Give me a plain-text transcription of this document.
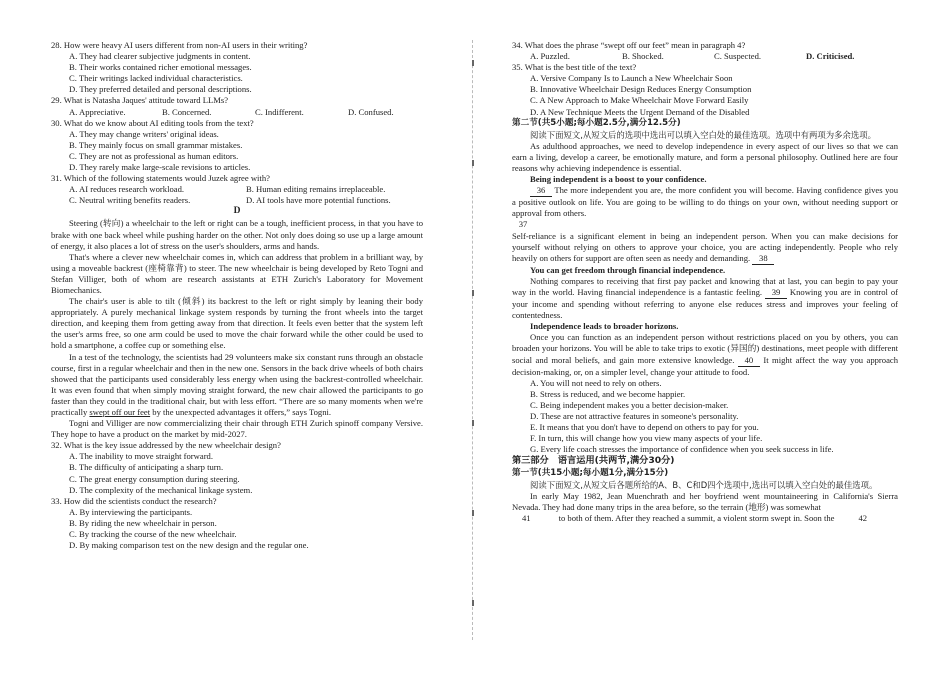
28. How were heavy AI users different from non-AI users in their writing?
A. They had clearer subjective judgments in content.
B. Their works contained richer emotional messages.
C. Their writings lacked individual characteristics.
D. They preferred detailed and personal descriptions.
29. What is Natasha Jaques' attitude toward LLMs?
A. Appreciative.	B. Concerned.	C. Indifferent.	D. Confused.
30. What do we know about AI editing tools from the text?
A. They may change writers' original ideas.
B. They mainly focus on small grammar mistakes.
C. They are not as professional as human editors.
D. They rarely make large-scale revisions to articles.
31. Which of the following statements would Juzek agree with?
A. AI reduces research workload.	B. Human editing remains irreplaceable.
C. Neutral writing benefits readers.	D. AI tools have more potential functions.
D
Steering (转向) a wheelchair to the left or right can be a tough, inefficient process, in that you have to brake with one back wheel while pushing harder on the other. Not only does doing so use up a large amount of energy, it also places a lot of stress on the user's shoulders, arms and hands.
That's where a clever new wheelchair comes in, which can address that problem in a brilliant way, by using a moveable backrest (座椅靠背) to steer. The new wheelchair is being developed by Reto Togni and Stefan Villiger, both of whom are research assistants at ETH Zurich's Laboratory for Movement Biomechanics.
The chair's user is able to tilt (倾斜) its backrest to the left or right simply by leaning their body appropriately. A purely mechanical linkage system responds by turning the front wheels into the target direction, and keeping them from getting away from that direction. It feels even better that the system left the user's arms free, so one arm could be used to move the chair forward while the other could be used to hold a smartphone, a coffee cup or something else.
In a test of the technology, the scientists had 29 volunteers make six constant runs through an obstacle course, first in a regular wheelchair and then in the new one. Sensors in the back drive wheels of both chairs showed that the participants used considerably less energy when using the backrest-controlled wheelchair. It was even found that when simply moving straight forward, the new chair allowed the participants to go faster than they could in the traditional chair, but with less effort. “There are so many moments when we're practically swept off our feet by the unexpected advantages it offers,” says Togni.
Togni and Villiger are now commercializing their chair through ETH Zurich spinoff company Versive. They hope to have a product on the market by mid-2027.
32. What is the key issue addressed by the new wheelchair design?
A. The inability to move straight forward.
B. The difficulty of anticipating a sharp turn.
C. The great energy consumption during steering.
D. The complexity of the mechanical linkage system.
33. How did the scientists conduct the research?
A. By interviewing the participants.
B. By riding the new wheelchair in person.
C. By tracking the course of the new wheelchair.
D. By making comparison test on the new design and the regular one.
34. What does the phrase “swept off our feet” mean in paragraph 4?
A. Puzzled.	B. Shocked.	C. Suspected.	D. Criticised.
35. What is the best title of the text?
A. Versive Company Is to Launch a New Wheelchair Soon
B. Innovative Wheelchair Design Reduces Energy Consumption
C. A New Approach to Make Wheelchair Move Forward Easily
D. A New Technique Meets the Urgent Demand of the Disabled
第二节(共5小题;每小题2.5分,满分12.5分)
阅读下面短文,从短文后的选项中选出可以填入空白处的最佳选项。选项中有两项为多余选项。
As adulthood approaches, we need to develop independence in every aspect of our lives so that we can earn a living, develop a career, be emotionally mature, and form a personal philosophy. Outlined here are four reasons why achieving independence is essential.
Being independent is a boost to your confidence.
36 The more independent you are, the more confident you will become. Having confidence gives you a positive outlook on life. You are going to be willing to do things on your own, without needing support or approval from others.
37
Self-reliance is a significant element in being an independent person. When you can make decisions for yourself without relying on others to approve your choice, you are acting independently. People who rely heavily on others for support are often seen as needy and demanding. 38
You can get freedom through financial independence.
Nothing compares to receiving that first pay packet and knowing that at last, you can begin to pay your way in the world. Having financial independence is a fantastic feeling. 39 Knowing you are in control of your income and spending without referring to anyone else reduces stress and improves your feeling of contentedness.
Independence leads to broader horizons.
Once you can function as an independent person without restrictions placed on you by others, you can broaden your horizons. You will be able to take trips to exotic (异国的) destinations, meet people with different social and moral beliefs, and gain more extensive knowledge. 40 It might affect the way you approach decision-making, or, on a simpler level, change your attitude to food.
A. You will not need to rely on others.
B. Stress is reduced, and we become happier.
C. Being independent makes you a better decision-maker.
D. These are not attractive features in someone's personality.
E. It means that you don't have to depend on others to pay for you.
F. In turn, this will change how you view many aspects of your life.
G. Every life coach stresses the importance of confidence when you seek success in life.
第三部分　语言运用(共两节,满分30分)
第一节(共15小题;每小题1分,满分15分)
阅读下面短文,从短文后各题所给的A、B、C和D四个选项中,选出可以填入空白处的最佳选项。
In early May 1982, Jean Muenchrath and her boyfriend went mountaineering in California's Sierra Nevada. They had done many trips in the area before, so the terrain (地形) was somewhat
41	to both of them. After they reached a summit, a violent storm swept in. Soon the	42
